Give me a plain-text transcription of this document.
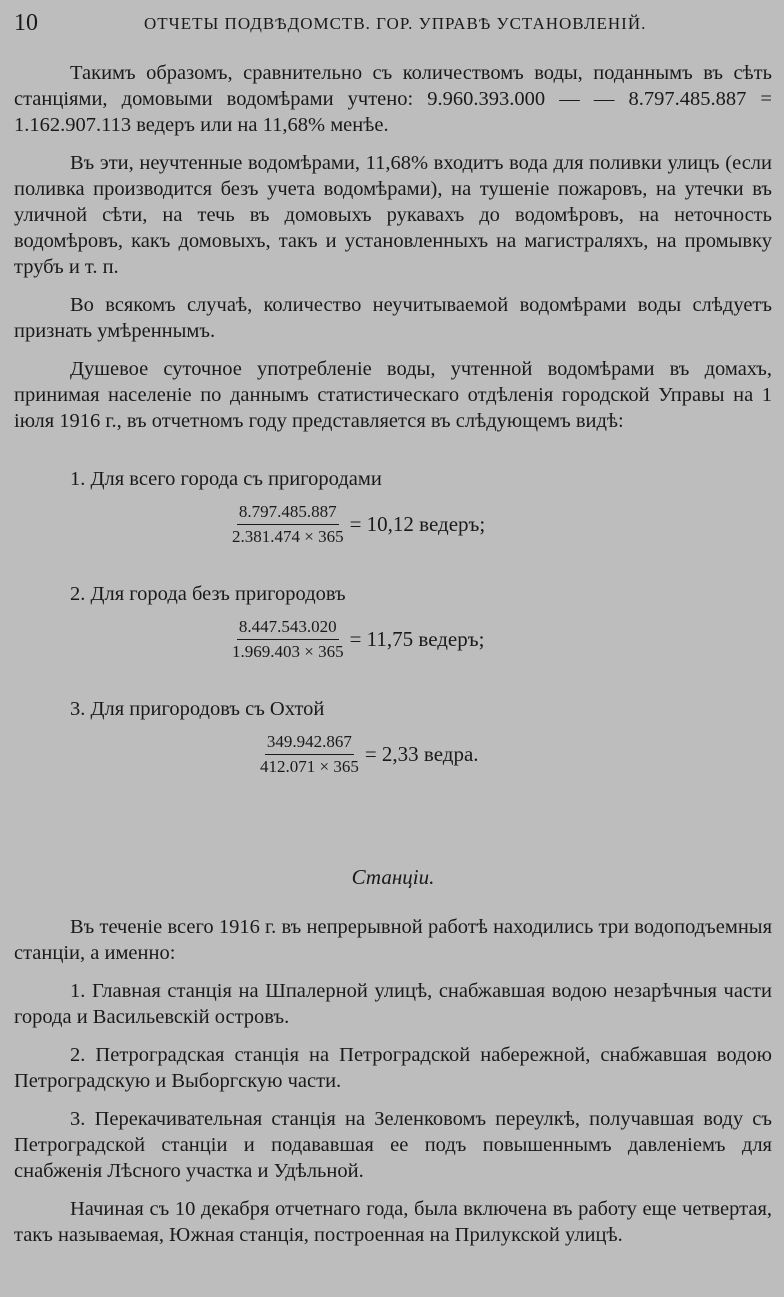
10	ОТЧЕТЫ ПОДВѢДОМСТВ. ГОР. УПРАВѢ УСТАНОВЛЕНІЙ.

Такимъ образомъ, сравнительно съ количествомъ воды, поданнымъ въ сѣть станціями, домовыми водомѣрами учтено: 9.960.393.000 — — 8.797.485.887 = 1.162.907.113 ведеръ или на 11,68% менѣе.

Въ эти, неучтенные водомѣрами, 11,68% входитъ вода для поливки улицъ (если поливка производится безъ учета водомѣрами), на тушеніе пожаровъ, на утечки въ уличной сѣти, на течь въ домовыхъ рукавахъ до водомѣровъ, на неточность водомѣровъ, какъ домовыхъ, такъ и установленныхъ на магистраляхъ, на промывку трубъ и т. п.

Во всякомъ случаѣ, количество неучитываемой водомѣрами воды слѣдуетъ признать умѣреннымъ.

Душевое суточное употребленіе воды, учтенной водомѣрами въ домахъ, принимая населеніе по даннымъ статистическаго отдѣленія городской Управы на 1 іюля 1916 г., въ отчетномъ году представляется въ слѣдующемъ видѣ:

1. Для всего города съ пригородами
$\frac{8.797.485.887}{2.381.474 \times 365} = 10,12$ ведеръ;
2. Для города безъ пригородовъ
$\frac{8.447.543.020}{1.969.403 \times 365} = 11,75$ ведеръ;
3. Для пригородовъ съ Охтой
$\frac{349.942.867}{412.071 \times 365} = 2,33$ ведра.
Станціи.

Въ теченіе всего 1916 г. въ непрерывной работѣ находились три водоподъемныя станціи, а именно:

1. Главная станція на Шпалерной улицѣ, снабжавшая водою незарѣчныя части города и Васильевскій островъ.

2. Петроградская станція на Петроградской набережной, снабжавшая водою Петроградскую и Выборгскую части.

3. Перекачивательная станція на Зеленковомъ переулкѣ, получавшая воду съ Петроградской станціи и подававшая ее подъ повышеннымъ давленіемъ для снабженія Лѣсного участка и Удѣльной.

Начиная съ 10 декабря отчетнаго года, была включена въ работу еще четвертая, такъ называемая, Южная станція, построенная на Прилукской улицѣ.
